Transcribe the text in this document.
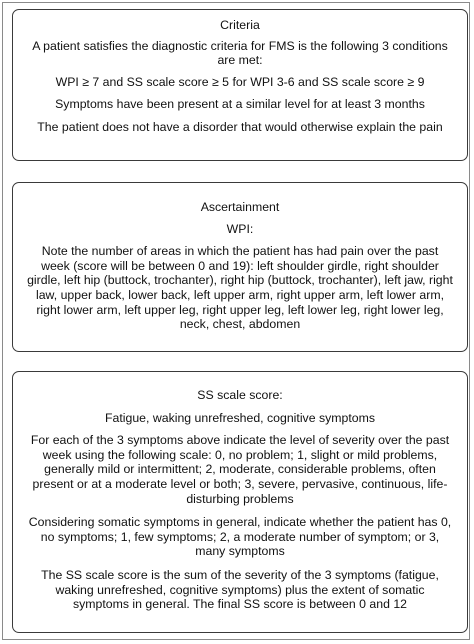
Criteria

A patient satisfies the diagnostic criteria for FMS is the following 3 conditions are met:

WPI ≥ 7 and SS scale score ≥ 5 for WPI 3-6 and SS scale score ≥ 9

Symptoms have been present at a similar level for at least 3 months

The patient does not have a disorder that would otherwise explain the pain

Ascertainment

WPI:

Note the number of areas in which the patient has had pain over the past week (score will be between 0 and 19): left shoulder girdle, right shoulder girdle, left hip (buttock, trochanter), right hip (buttock, trochanter), left jaw, right law, upper back, lower back, left upper arm, right upper arm, left lower arm, right lower arm, left upper leg, right upper leg, left lower leg, right lower leg, neck, chest, abdomen

SS scale score:

Fatigue, waking unrefreshed, cognitive symptoms

For each of the 3 symptoms above indicate the level of severity over the past week using the following scale: 0, no problem; 1, slight or mild problems, generally mild or intermittent; 2, moderate, considerable problems, often present or at a moderate level or both; 3, severe, pervasive, continuous, life-disturbing problems

Considering somatic symptoms in general, indicate whether the patient has 0, no symptoms; 1, few symptoms; 2, a moderate number of symptom; or 3, many symptoms

The SS scale score is the sum of the severity of the 3 symptoms (fatigue, waking unrefreshed, cognitive symptoms) plus the extent of somatic symptoms in general. The final SS score is between 0 and 12
